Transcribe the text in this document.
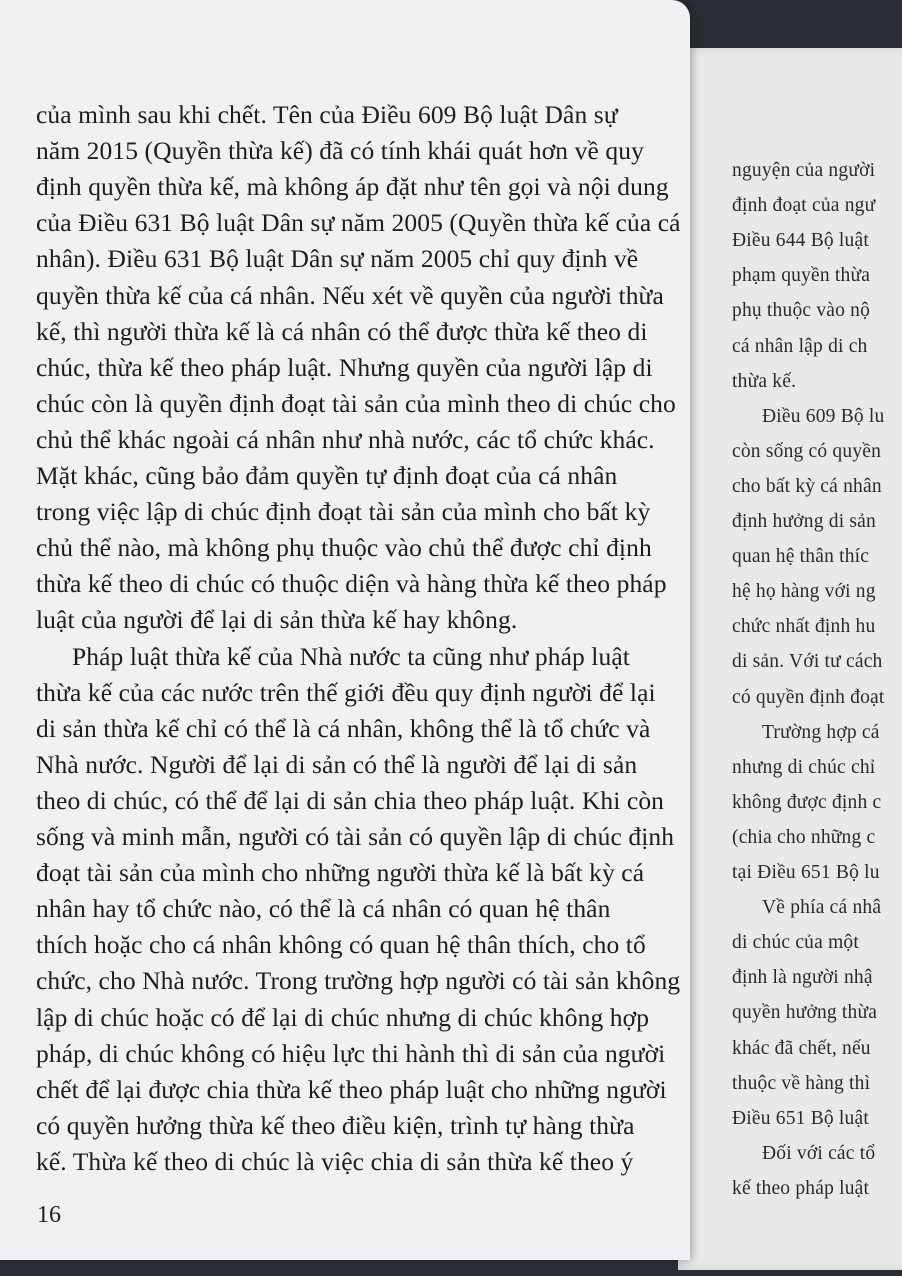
nguyện của người
định đoạt của ngư
Điều 644 Bộ luật
phạm quyền thừa
phụ thuộc vào nộ
cá nhân lập di ch
thừa kế.
Điều 609 Bộ lu
còn sống có quyền
cho bất kỳ cá nhân
định hưởng di sản
quan hệ thân thíc
hệ họ hàng với ng
chức nhất định hu
di sản. Với tư cách
có quyền định đoạt
Trường hợp cá
nhưng di chúc chỉ
không được định c
(chia cho những c
tại Điều 651 Bộ lu
Về phía cá nhâ
di chúc của một
định là người nhậ
quyền hưởng thừa
khác đã chết, nếu
thuộc về hàng thì
Điều 651 Bộ luật
Đối với các tổ
kế theo pháp luật
của mình sau khi chết. Tên của Điều 609 Bộ luật Dân sự
năm 2015 (Quyền thừa kế) đã có tính khái quát hơn về quy
định quyền thừa kế, mà không áp đặt như tên gọi và nội dung
của Điều 631 Bộ luật Dân sự năm 2005 (Quyền thừa kế của cá
nhân). Điều 631 Bộ luật Dân sự năm 2005 chỉ quy định về
quyền thừa kế của cá nhân. Nếu xét về quyền của người thừa
kế, thì người thừa kế là cá nhân có thể được thừa kế theo di
chúc, thừa kế theo pháp luật. Nhưng quyền của người lập di
chúc còn là quyền định đoạt tài sản của mình theo di chúc cho
chủ thể khác ngoài cá nhân như nhà nước, các tổ chức khác.
Mặt khác, cũng bảo đảm quyền tự định đoạt của cá nhân
trong việc lập di chúc định đoạt tài sản của mình cho bất kỳ
chủ thể nào, mà không phụ thuộc vào chủ thể được chỉ định
thừa kế theo di chúc có thuộc diện và hàng thừa kế theo pháp
luật của người để lại di sản thừa kế hay không.
Pháp luật thừa kế của Nhà nước ta cũng như pháp luật
thừa kế của các nước trên thế giới đều quy định người để lại
di sản thừa kế chỉ có thể là cá nhân, không thể là tổ chức và
Nhà nước. Người để lại di sản có thể là người để lại di sản
theo di chúc, có thể để lại di sản chia theo pháp luật. Khi còn
sống và minh mẫn, người có tài sản có quyền lập di chúc định
đoạt tài sản của mình cho những người thừa kế là bất kỳ cá
nhân hay tổ chức nào, có thể là cá nhân có quan hệ thân
thích hoặc cho cá nhân không có quan hệ thân thích, cho tổ
chức, cho Nhà nước. Trong trường hợp người có tài sản không
lập di chúc hoặc có để lại di chúc nhưng di chúc không hợp
pháp, di chúc không có hiệu lực thi hành thì di sản của người
chết để lại được chia thừa kế theo pháp luật cho những người
có quyền hưởng thừa kế theo điều kiện, trình tự hàng thừa
kế. Thừa kế theo di chúc là việc chia di sản thừa kế theo ý
16
